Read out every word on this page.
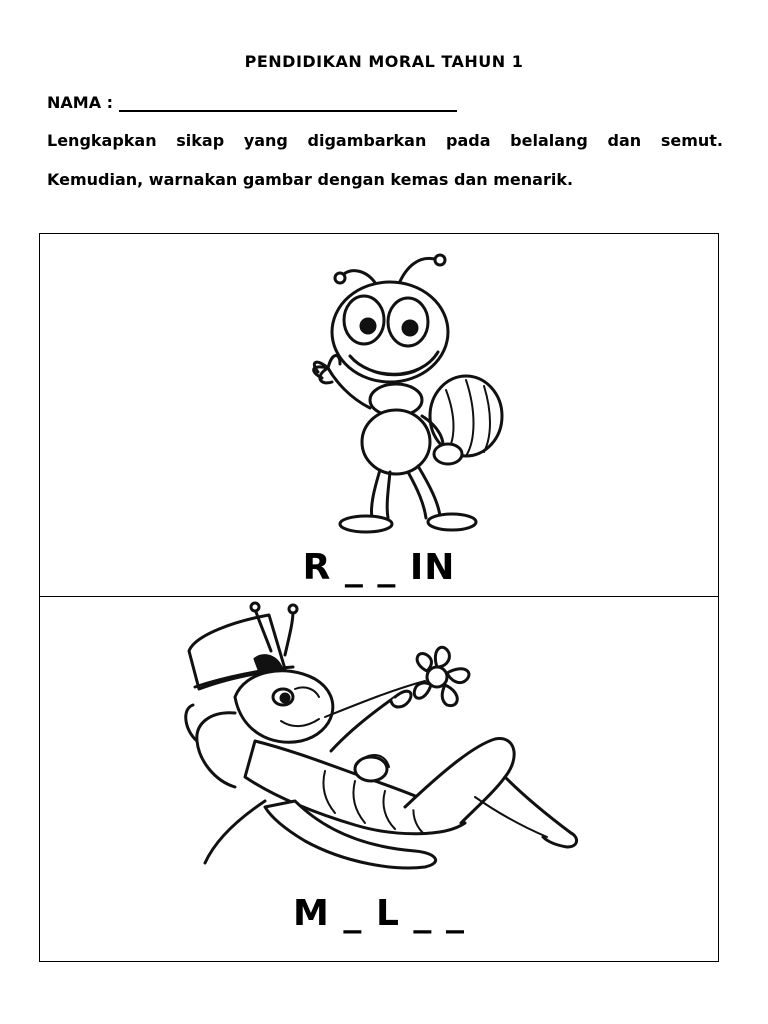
PENDIDIKAN MORAL TAHUN 1
NAMA :
Lengkapkan sikap yang digambarkan pada belalang dan semut.
Kemudian, warnakan gambar dengan kemas dan menarik.
R _ _ IN
M _ L _ _
